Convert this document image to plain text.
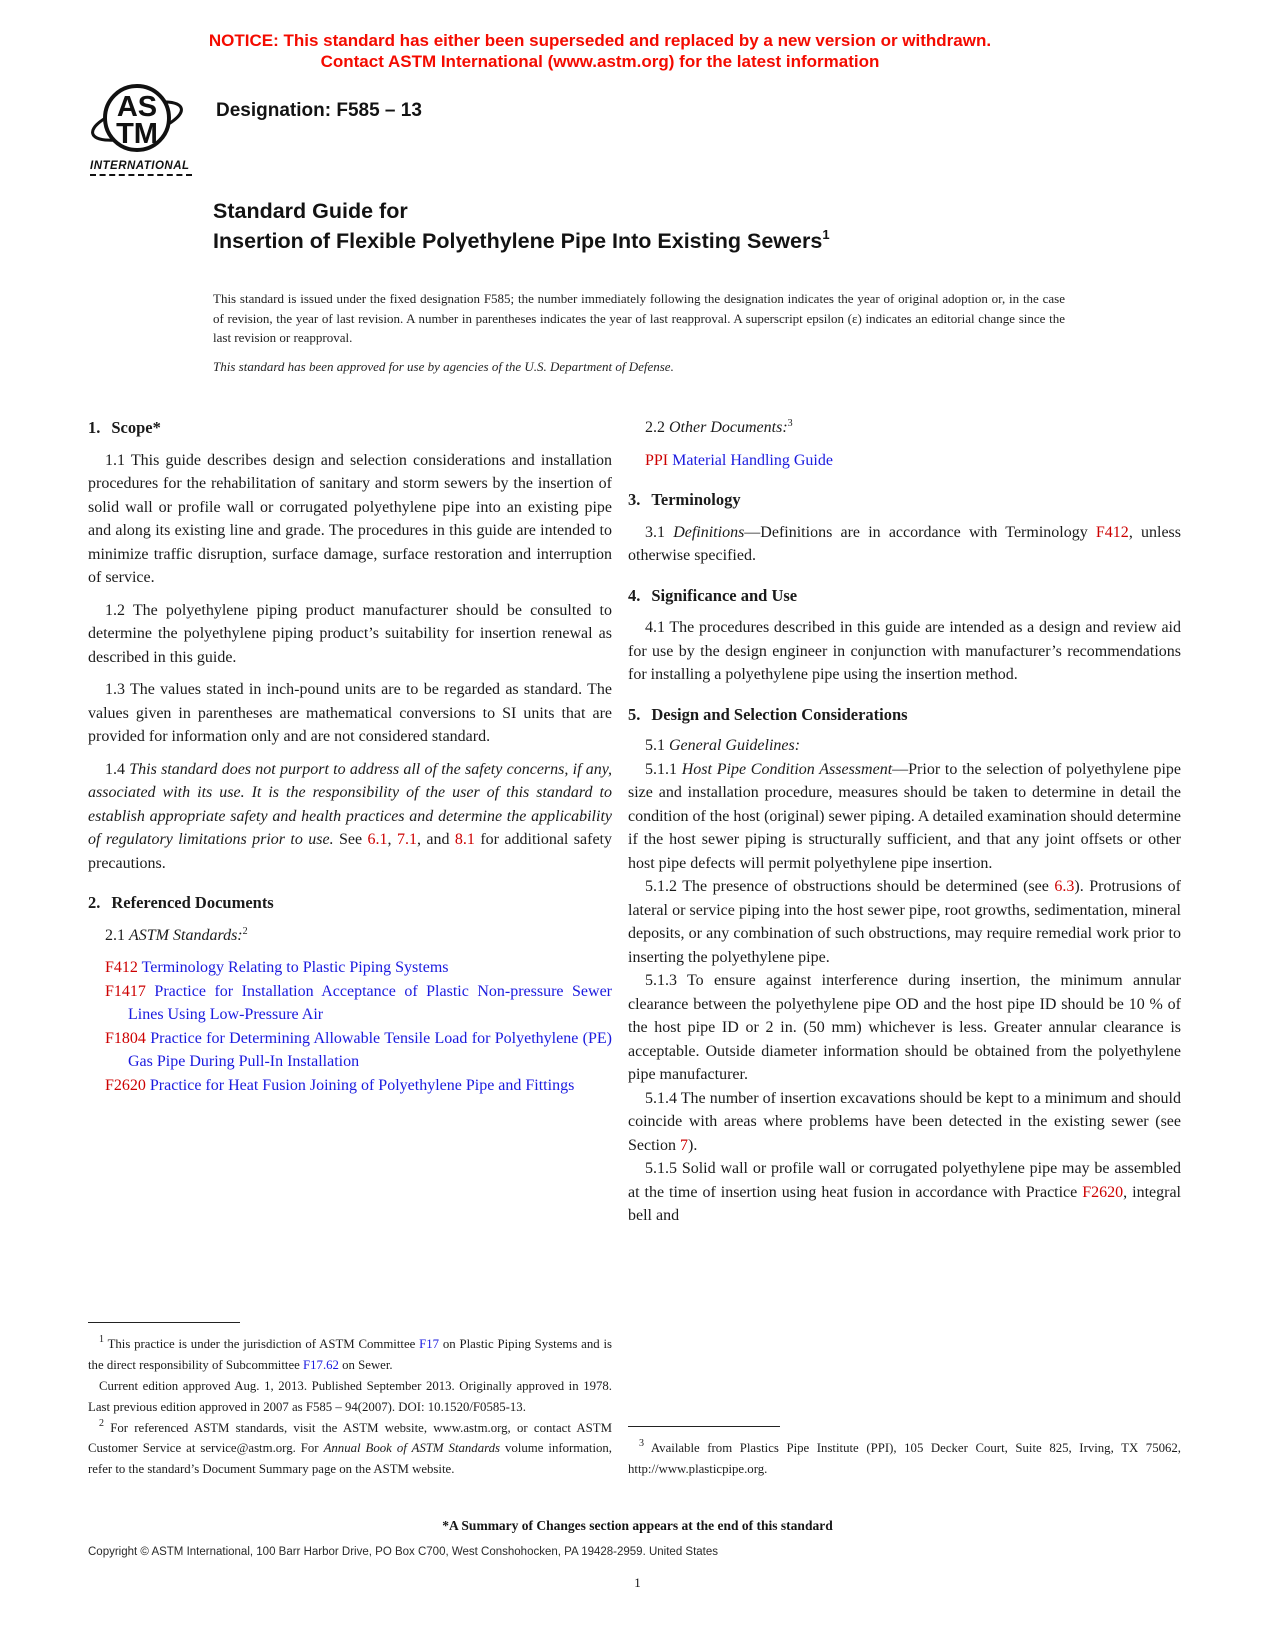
NOTICE: This standard has either been superseded and replaced by a new version or withdrawn.
Contact ASTM International (www.astm.org) for the latest information
AS
TM
INTERNATIONAL
Designation: F585 – 13
Standard Guide for
Insertion of Flexible Polyethylene Pipe Into Existing Sewers$^1$
This standard is issued under the fixed designation F585; the number immediately following the designation indicates the year of original adoption or, in the case of revision, the year of last revision. A number in parentheses indicates the year of last reapproval. A superscript epsilon (ε) indicates an editorial change since the last revision or reapproval.
This standard has been approved for use by agencies of the U.S. Department of Defense.

1. Scope*

1.1 This guide describes design and selection considerations and installation procedures for the rehabilitation of sanitary and storm sewers by the insertion of solid wall or profile wall or corrugated polyethylene pipe into an existing pipe and along its existing line and grade. The procedures in this guide are intended to minimize traffic disruption, surface damage, surface restoration and interruption of service.

1.2 The polyethylene piping product manufacturer should be consulted to determine the polyethylene piping product’s suitability for insertion renewal as described in this guide.

1.3 The values stated in inch-pound units are to be regarded as standard. The values given in parentheses are mathematical conversions to SI units that are provided for information only and are not considered standard.

1.4 This standard does not purport to address all of the safety concerns, if any, associated with its use. It is the responsibility of the user of this standard to establish appropriate safety and health practices and determine the applicability of regulatory limitations prior to use. See 6.1, 7.1, and 8.1 for additional safety precautions.

2. Referenced Documents

2.1 ASTM Standards:$^2$

F412 Terminology Relating to Plastic Piping Systems

F1417 Practice for Installation Acceptance of Plastic Non-pressure Sewer Lines Using Low-Pressure Air

F1804 Practice for Determining Allowable Tensile Load for Polyethylene (PE) Gas Pipe During Pull-In Installation

F2620 Practice for Heat Fusion Joining of Polyethylene Pipe and Fittings

$^1$ This practice is under the jurisdiction of ASTM Committee F17 on Plastic Piping Systems and is the direct responsibility of Subcommittee F17.62 on Sewer.

Current edition approved Aug. 1, 2013. Published September 2013. Originally approved in 1978. Last previous edition approved in 2007 as F585 – 94(2007). DOI: 10.1520/F0585-13.

$^2$ For referenced ASTM standards, visit the ASTM website, www.astm.org, or contact ASTM Customer Service at service@astm.org. For Annual Book of ASTM Standards volume information, refer to the standard’s Document Summary page on the ASTM website.

2.2 Other Documents:$^3$

PPI Material Handling Guide

3. Terminology

3.1 Definitions—Definitions are in accordance with Terminology F412, unless otherwise specified.

4. Significance and Use

4.1 The procedures described in this guide are intended as a design and review aid for use by the design engineer in conjunction with manufacturer’s recommendations for installing a polyethylene pipe using the insertion method.

5. Design and Selection Considerations

5.1 General Guidelines:

5.1.1 Host Pipe Condition Assessment—Prior to the selection of polyethylene pipe size and installation procedure, measures should be taken to determine in detail the condition of the host (original) sewer piping. A detailed examination should determine if the host sewer piping is structurally sufficient, and that any joint offsets or other host pipe defects will permit polyethylene pipe insertion.

5.1.2 The presence of obstructions should be determined (see 6.3). Protrusions of lateral or service piping into the host sewer pipe, root growths, sedimentation, mineral deposits, or any combination of such obstructions, may require remedial work prior to inserting the polyethylene pipe.

5.1.3 To ensure against interference during insertion, the minimum annular clearance between the polyethylene pipe OD and the host pipe ID should be 10 % of the host pipe ID or 2 in. (50 mm) whichever is less. Greater annular clearance is acceptable. Outside diameter information should be obtained from the polyethylene pipe manufacturer.

5.1.4 The number of insertion excavations should be kept to a minimum and should coincide with areas where problems have been detected in the existing sewer (see Section 7).

5.1.5 Solid wall or profile wall or corrugated polyethylene pipe may be assembled at the time of insertion using heat fusion in accordance with Practice F2620, integral bell and

$^3$ Available from Plastics Pipe Institute (PPI), 105 Decker Court, Suite 825, Irving, TX 75062, http://www.plasticpipe.org.

*A Summary of Changes section appears at the end of this standard
Copyright © ASTM International, 100 Barr Harbor Drive, PO Box C700, West Conshohocken, PA 19428-2959. United States
1
